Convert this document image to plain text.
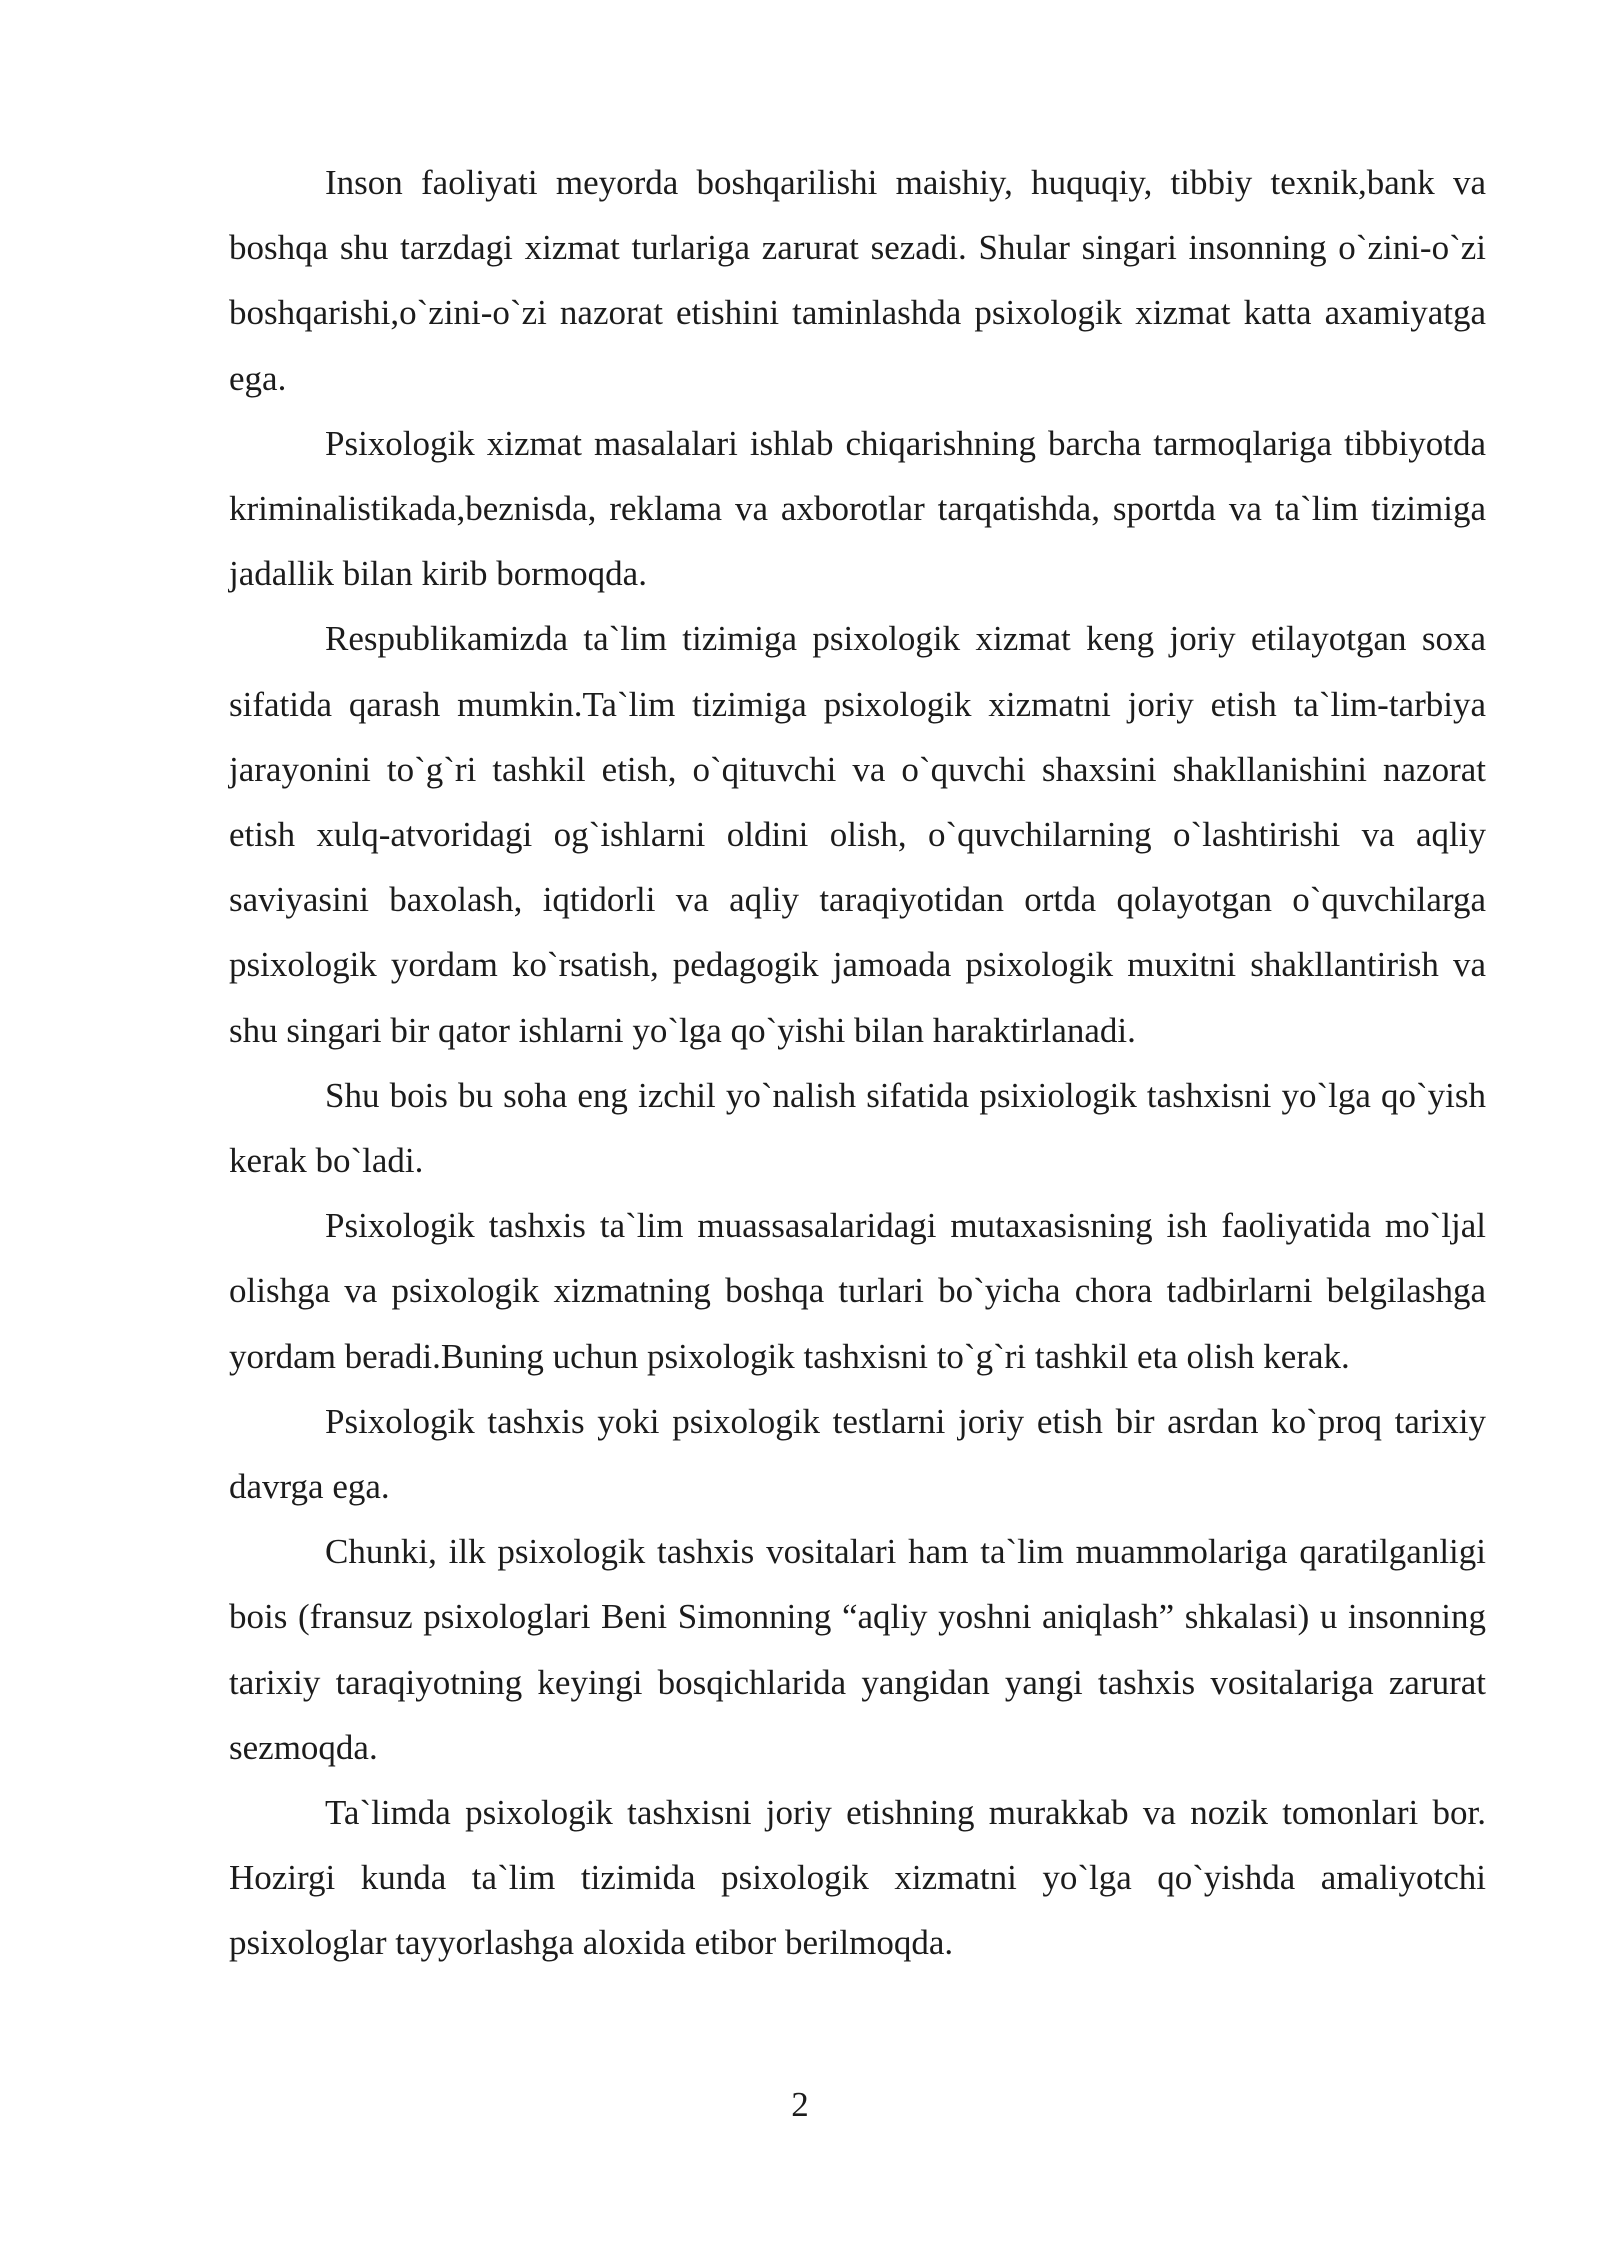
Inson faoliyati meyorda boshqarilishi maishiy, huquqiy, tibbiy texnik,bank va boshqa shu tarzdagi xizmat turlariga zarurat sezadi. Shular singari insonning o`zini-o`zi boshqarishi,o`zini-o`zi nazorat etishini taminlashda psixologik xizmat katta axamiyatga ega.

Psixologik xizmat masalalari ishlab chiqarishning barcha tarmoqlariga tibbiyotda kriminalistikada,beznisda, reklama va axborotlar tarqatishda, sportda va ta`lim tizimiga jadallik bilan kirib bormoqda.

Respublikamizda ta`lim tizimiga psixologik xizmat keng joriy etilayotgan soxa sifatida qarash mumkin.Ta`lim tizimiga psixologik xizmatni joriy etish ta`lim-tarbiya jarayonini to`g`ri tashkil etish, o`qituvchi va o`quvchi shaxsini shakllanishini nazorat etish xulq-atvoridagi og`ishlarni oldini olish, o`quvchilarning o`lashtirishi va aqliy saviyasini baxolash, iqtidorli va aqliy taraqiyotidan ortda qolayotgan o`quvchilarga psixologik yordam ko`rsatish, pedagogik jamoada psixologik muxitni shakllantirish va shu singari bir qator ishlarni yo`lga qo`yishi bilan haraktirlanadi.

Shu bois bu soha eng izchil yo`nalish sifatida psixiologik tashxisni yo`lga qo`yish kerak bo`ladi.

Psixologik tashxis ta`lim muassasalaridagi mutaxasisning ish faoliyatida mo`ljal olishga va psixologik xizmatning boshqa turlari bo`yicha chora tadbirlarni belgilashga yordam beradi.Buning uchun psixologik tashxisni to`g`ri tashkil eta olish kerak.

Psixologik tashxis yoki psixologik testlarni joriy etish bir asrdan ko`proq tarixiy davrga ega.

Chunki, ilk psixologik tashxis vositalari ham ta`lim muammolariga qaratilganligi bois (fransuz psixologlari Beni Simonning “aqliy yoshni aniqlash” shkalasi) u insonning tarixiy taraqiyotning keyingi bosqichlarida yangidan yangi tashxis vositalariga zarurat sezmoqda.

Ta`limda psixologik tashxisni joriy etishning murakkab va nozik tomonlari bor. Hozirgi kunda ta`lim tizimida psixologik xizmatni yo`lga qo`yishda amaliyotchi psixologlar tayyorlashga aloxida etibor berilmoqda.

2
